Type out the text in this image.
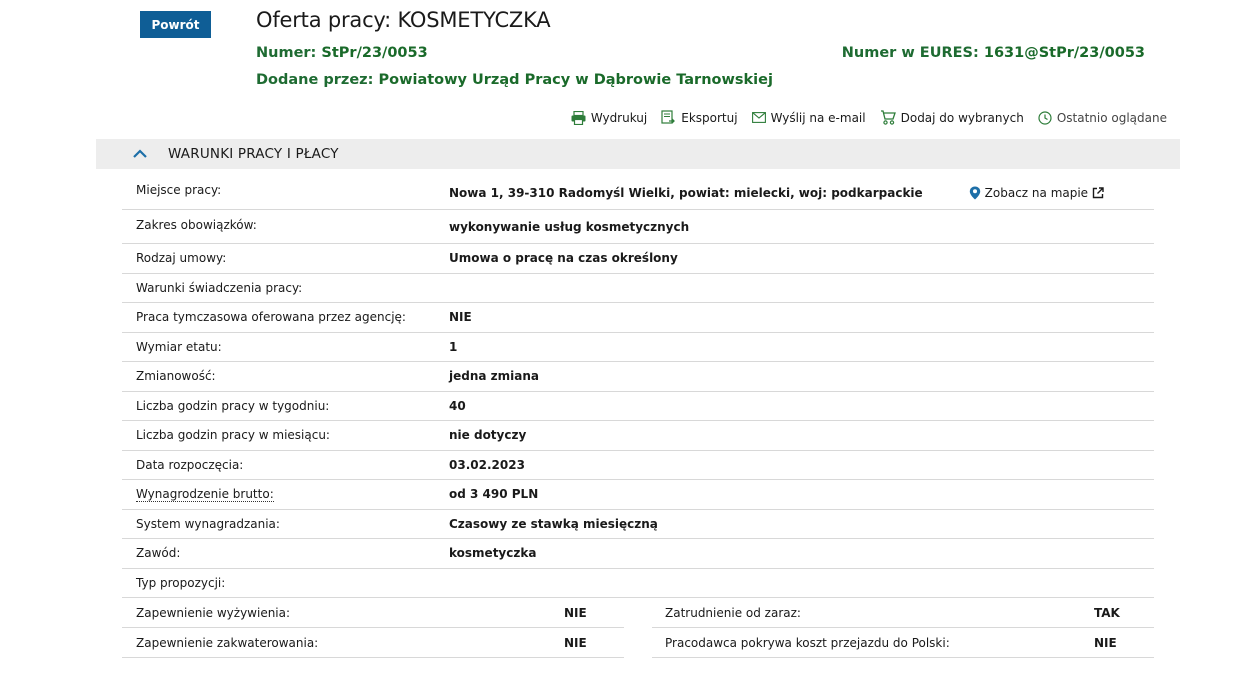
Powrót	Oferta pracy: KOSMETYCZKA
Numer: StPr/23/0053	Numer w EURES: 1631@StPr/23/0053
Dodane przez: Powiatowy Urząd Pracy w Dąbrowie Tarnowskiej
Wydrukuj	Eksportuj	Wyślij na e-mail	Dodaj do wybranych	Ostatnio oglądane
WARUNKI PRACY I PŁACY
Miejsce pracy:	Nowa 1, 39-310 Radomyśl Wielki, powiat: mielecki, woj: podkarpackie	Zobacz na mapie
Zakres obowiązków:	wykonywanie usług kosmetycznych
Rodzaj umowy:	Umowa o pracę na czas określony
Warunki świadczenia pracy:
Praca tymczasowa oferowana przez agencję:	NIE
Wymiar etatu:	1
Zmianowość:	jedna zmiana
Liczba godzin pracy w tygodniu:	40
Liczba godzin pracy w miesiącu:	nie dotyczy
Data rozpoczęcia:	03.02.2023
Wynagrodzenie brutto:	od 3 490 PLN
System wynagradzania:	Czasowy ze stawką miesięczną
Zawód:	kosmetyczka
Typ propozycji:
Zapewnienie wyżywienia:	NIE	Zatrudnienie od zaraz:	TAK
Zapewnienie zakwaterowania:	NIE	Pracodawca pokrywa koszt przejazdu do Polski:	NIE
